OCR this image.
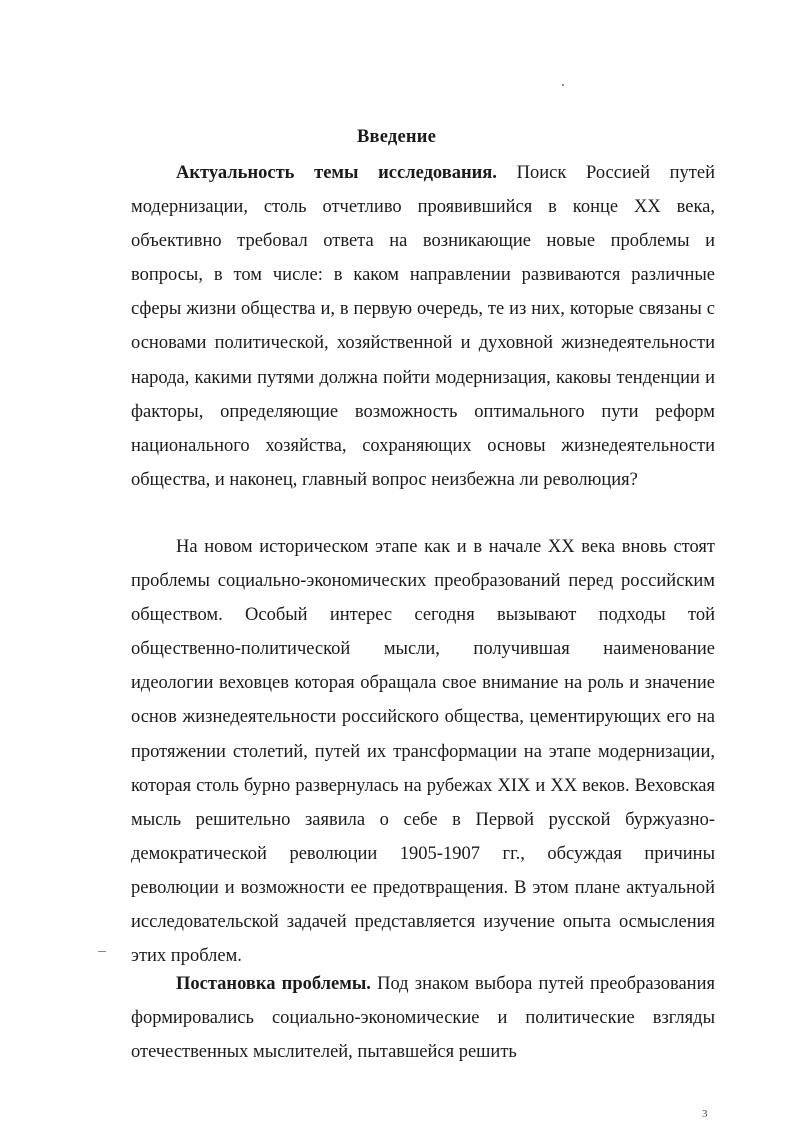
Введение

Актуальность темы исследования. Поиск Россией путей модернизации, столь отчетливо проявившийся в конце XX века, объективно требовал ответа на возникающие новые проблемы и вопросы, в том числе: в каком направлении развиваются различные сферы жизни общества и, в первую очередь, те из них, которые связаны с основами политической, хозяйственной и духовной жизнедеятельности народа, какими путями должна пойти модернизация, каковы тенденции и факторы, определяющие возможность оптимального пути реформ национального хозяйства, сохраняющих основы жизнедеятельности общества, и наконец, главный вопрос неизбежна ли революция?

На новом историческом этапе как и в начале XX века вновь стоят проблемы социально-экономических преобразований перед российским обществом. Особый интерес сегодня вызывают подходы той общественно-политической мысли, получившая наименование идеологии веховцев которая обращала свое внимание на роль и значение основ жизнедеятельности российского общества, цементирующих его на протяжении столетий, путей их трансформации на этапе модернизации, которая столь бурно развернулась на рубежах XIX и XX веков. Веховская мысль решительно заявила о себе в Первой русской буржуазно-демократической революции 1905-1907 гг., обсуждая причины революции и возможности ее предотвращения. В этом плане актуальной исследовательской задачей представляется изучение опыта осмысления этих проблем.

Постановка проблемы. Под знаком выбора путей преобразования формировались социально-экономические и политические взгляды отечественных мыслителей, пытавшейся решить

3
